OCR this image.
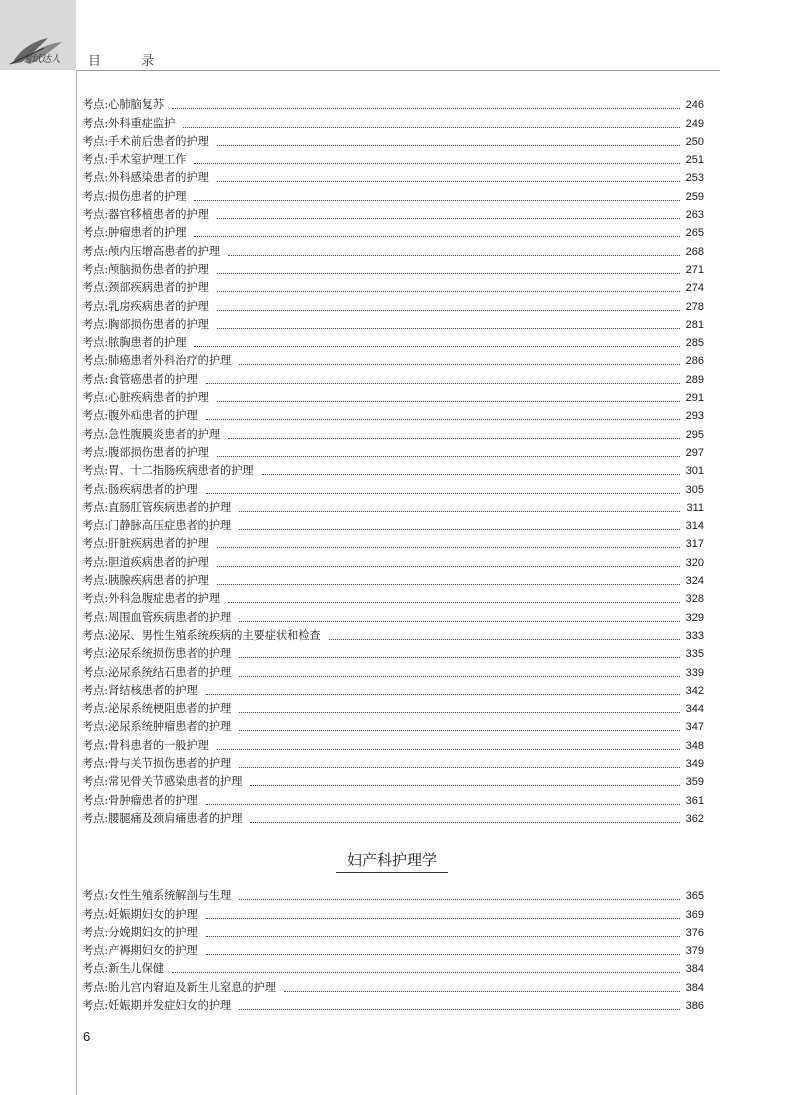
考试达人 目 录
考点:心肺脑复苏	246
考点:外科重症监护	249
考点:手术前后患者的护理	250
考点:手术室护理工作	251
考点:外科感染患者的护理	253
考点:损伤患者的护理	259
考点:器官移植患者的护理	263
考点:肿瘤患者的护理	265
考点:颅内压增高患者的护理	268
考点:颅脑损伤患者的护理	271
考点:颈部疾病患者的护理	274
考点:乳房疾病患者的护理	278
考点:胸部损伤患者的护理	281
考点:脓胸患者的护理	285
考点:肺癌患者外科治疗的护理	286
考点:食管癌患者的护理	289
考点:心脏疾病患者的护理	291
考点:腹外疝患者的护理	293
考点:急性腹膜炎患者的护理	295
考点:腹部损伤患者的护理	297
考点:胃、十二指肠疾病患者的护理	301
考点:肠疾病患者的护理	305
考点:直肠肛管疾病患者的护理	311
考点:门静脉高压症患者的护理	314
考点:肝脏疾病患者的护理	317
考点:胆道疾病患者的护理	320
考点:胰腺疾病患者的护理	324
考点:外科急腹症患者的护理	328
考点:周围血管疾病患者的护理	329
考点:泌尿、男性生殖系统疾病的主要症状和检查	333
考点:泌尿系统损伤患者的护理	335
考点:泌尿系统结石患者的护理	339
考点:肾结核患者的护理	342
考点:泌尿系统梗阻患者的护理	344
考点:泌尿系统肿瘤患者的护理	347
考点:骨科患者的一般护理	348
考点:骨与关节损伤患者的护理	349
考点:常见骨关节感染患者的护理	359
考点:骨肿瘤患者的护理	361
考点:腰腿痛及颈肩痛患者的护理	362
妇产科护理学
考点:女性生殖系统解剖与生理	365
考点:妊娠期妇女的护理	369
考点:分娩期妇女的护理	376
考点:产褥期妇女的护理	379
考点:新生儿保健	384
考点:胎儿宫内窘迫及新生儿窒息的护理	384
考点:妊娠期并发症妇女的护理	386
6
